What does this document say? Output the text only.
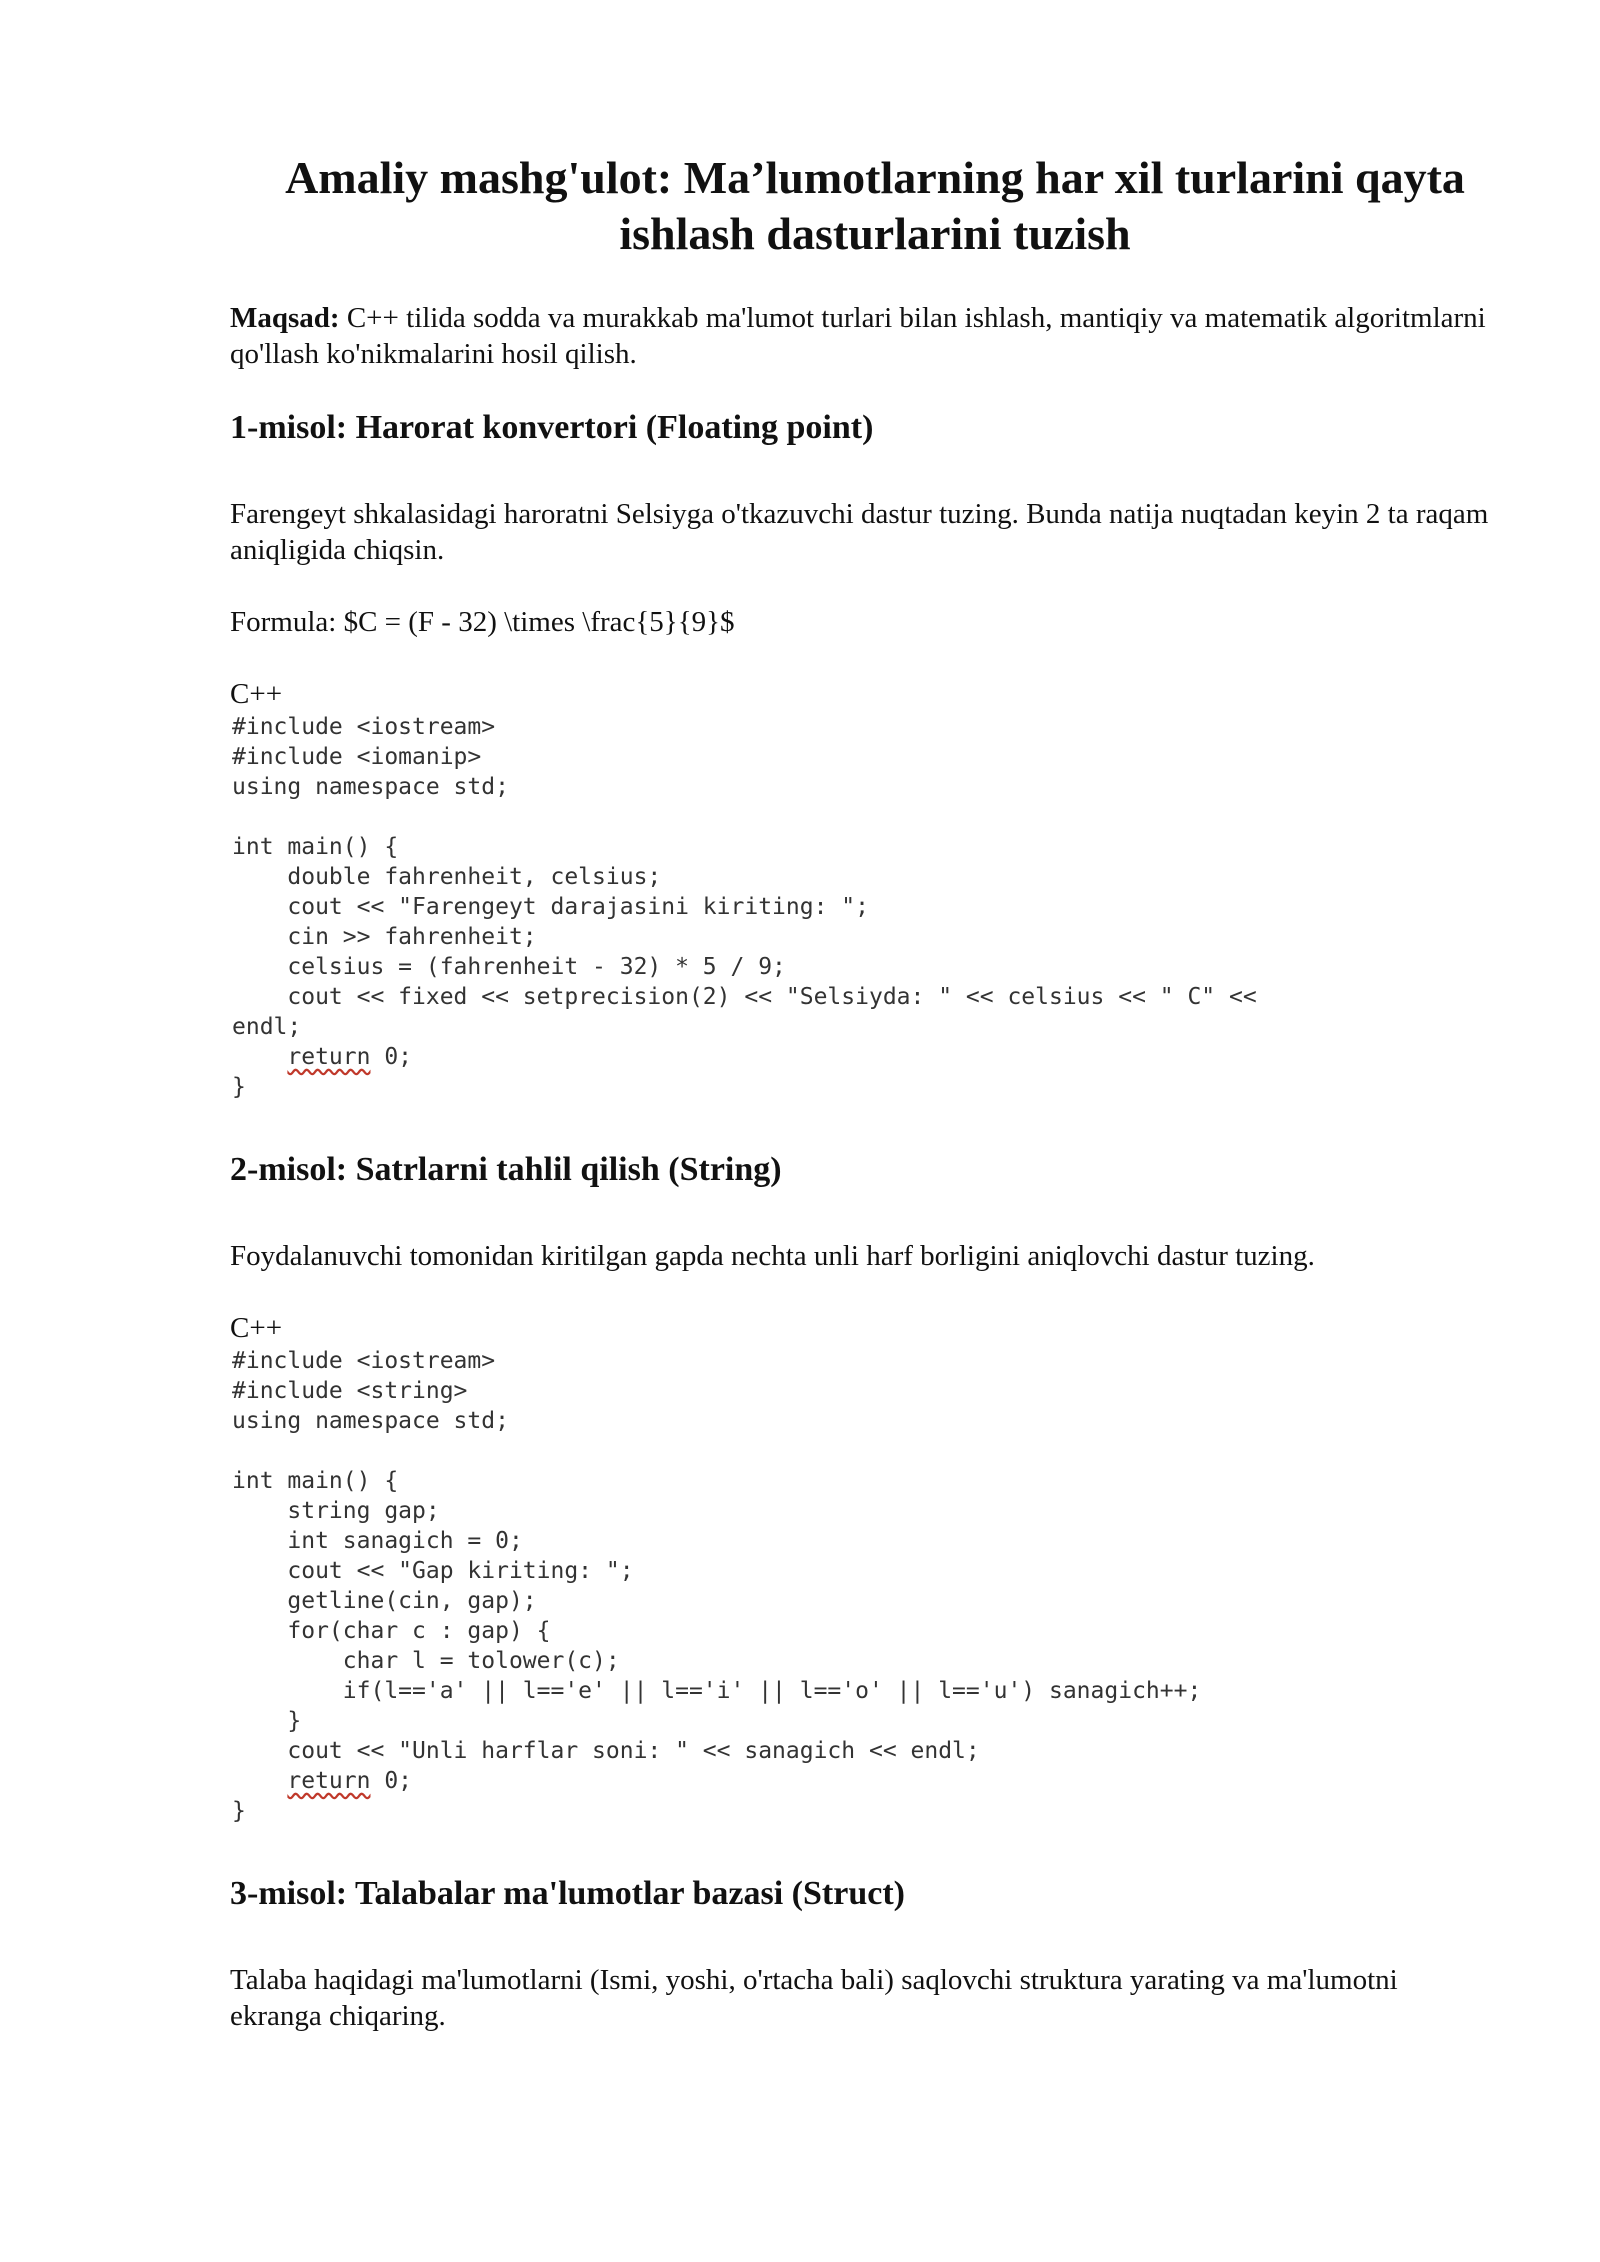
Amaliy mashg'ulot: Ma’lumotlarning har xil turlarini qayta
ishlash dasturlarini tuzish

Maqsad: C++ tilida sodda va murakkab ma'lumot turlari bilan ishlash, mantiqiy va matematik algoritmlarni qo'llash ko'nikmalarini hosil qilish.

1-misol: Harorat konvertori (Floating point)

Farengeyt shkalasidagi haroratni Selsiyga o'tkazuvchi dastur tuzing. Bunda natija nuqtadan keyin 2 ta raqam aniqligida chiqsin.

Formula: $C = (F - 32) \times \frac{5}{9}$

C++

#include <iostream>
#include <iomanip>
using namespace std;

int main() {
double fahrenheit, celsius;
cout << "Farengeyt darajasini kiriting: ";
cin >> fahrenheit;
celsius = (fahrenheit - 32) * 5 / 9;
cout << fixed << setprecision(2) << "Selsiyda: " << celsius << " C" <<
endl;
return 0;
}
2-misol: Satrlarni tahlil qilish (String)

Foydalanuvchi tomonidan kiritilgan gapda nechta unli harf borligini aniqlovchi dastur tuzing.

C++

#include <iostream>
#include <string>
using namespace std;

int main() {
string gap;
int sanagich = 0;
cout << "Gap kiriting: ";
getline(cin, gap);
for(char c : gap) {
char l = tolower(c);
if(l=='a' || l=='e' || l=='i' || l=='o' || l=='u') sanagich++;
}
cout << "Unli harflar soni: " << sanagich << endl;
return 0;
}
3-misol: Talabalar ma'lumotlar bazasi (Struct)

Talaba haqidagi ma'lumotlarni (Ismi, yoshi, o'rtacha bali) saqlovchi struktura yarating va ma'lumotni ekranga chiqaring.
